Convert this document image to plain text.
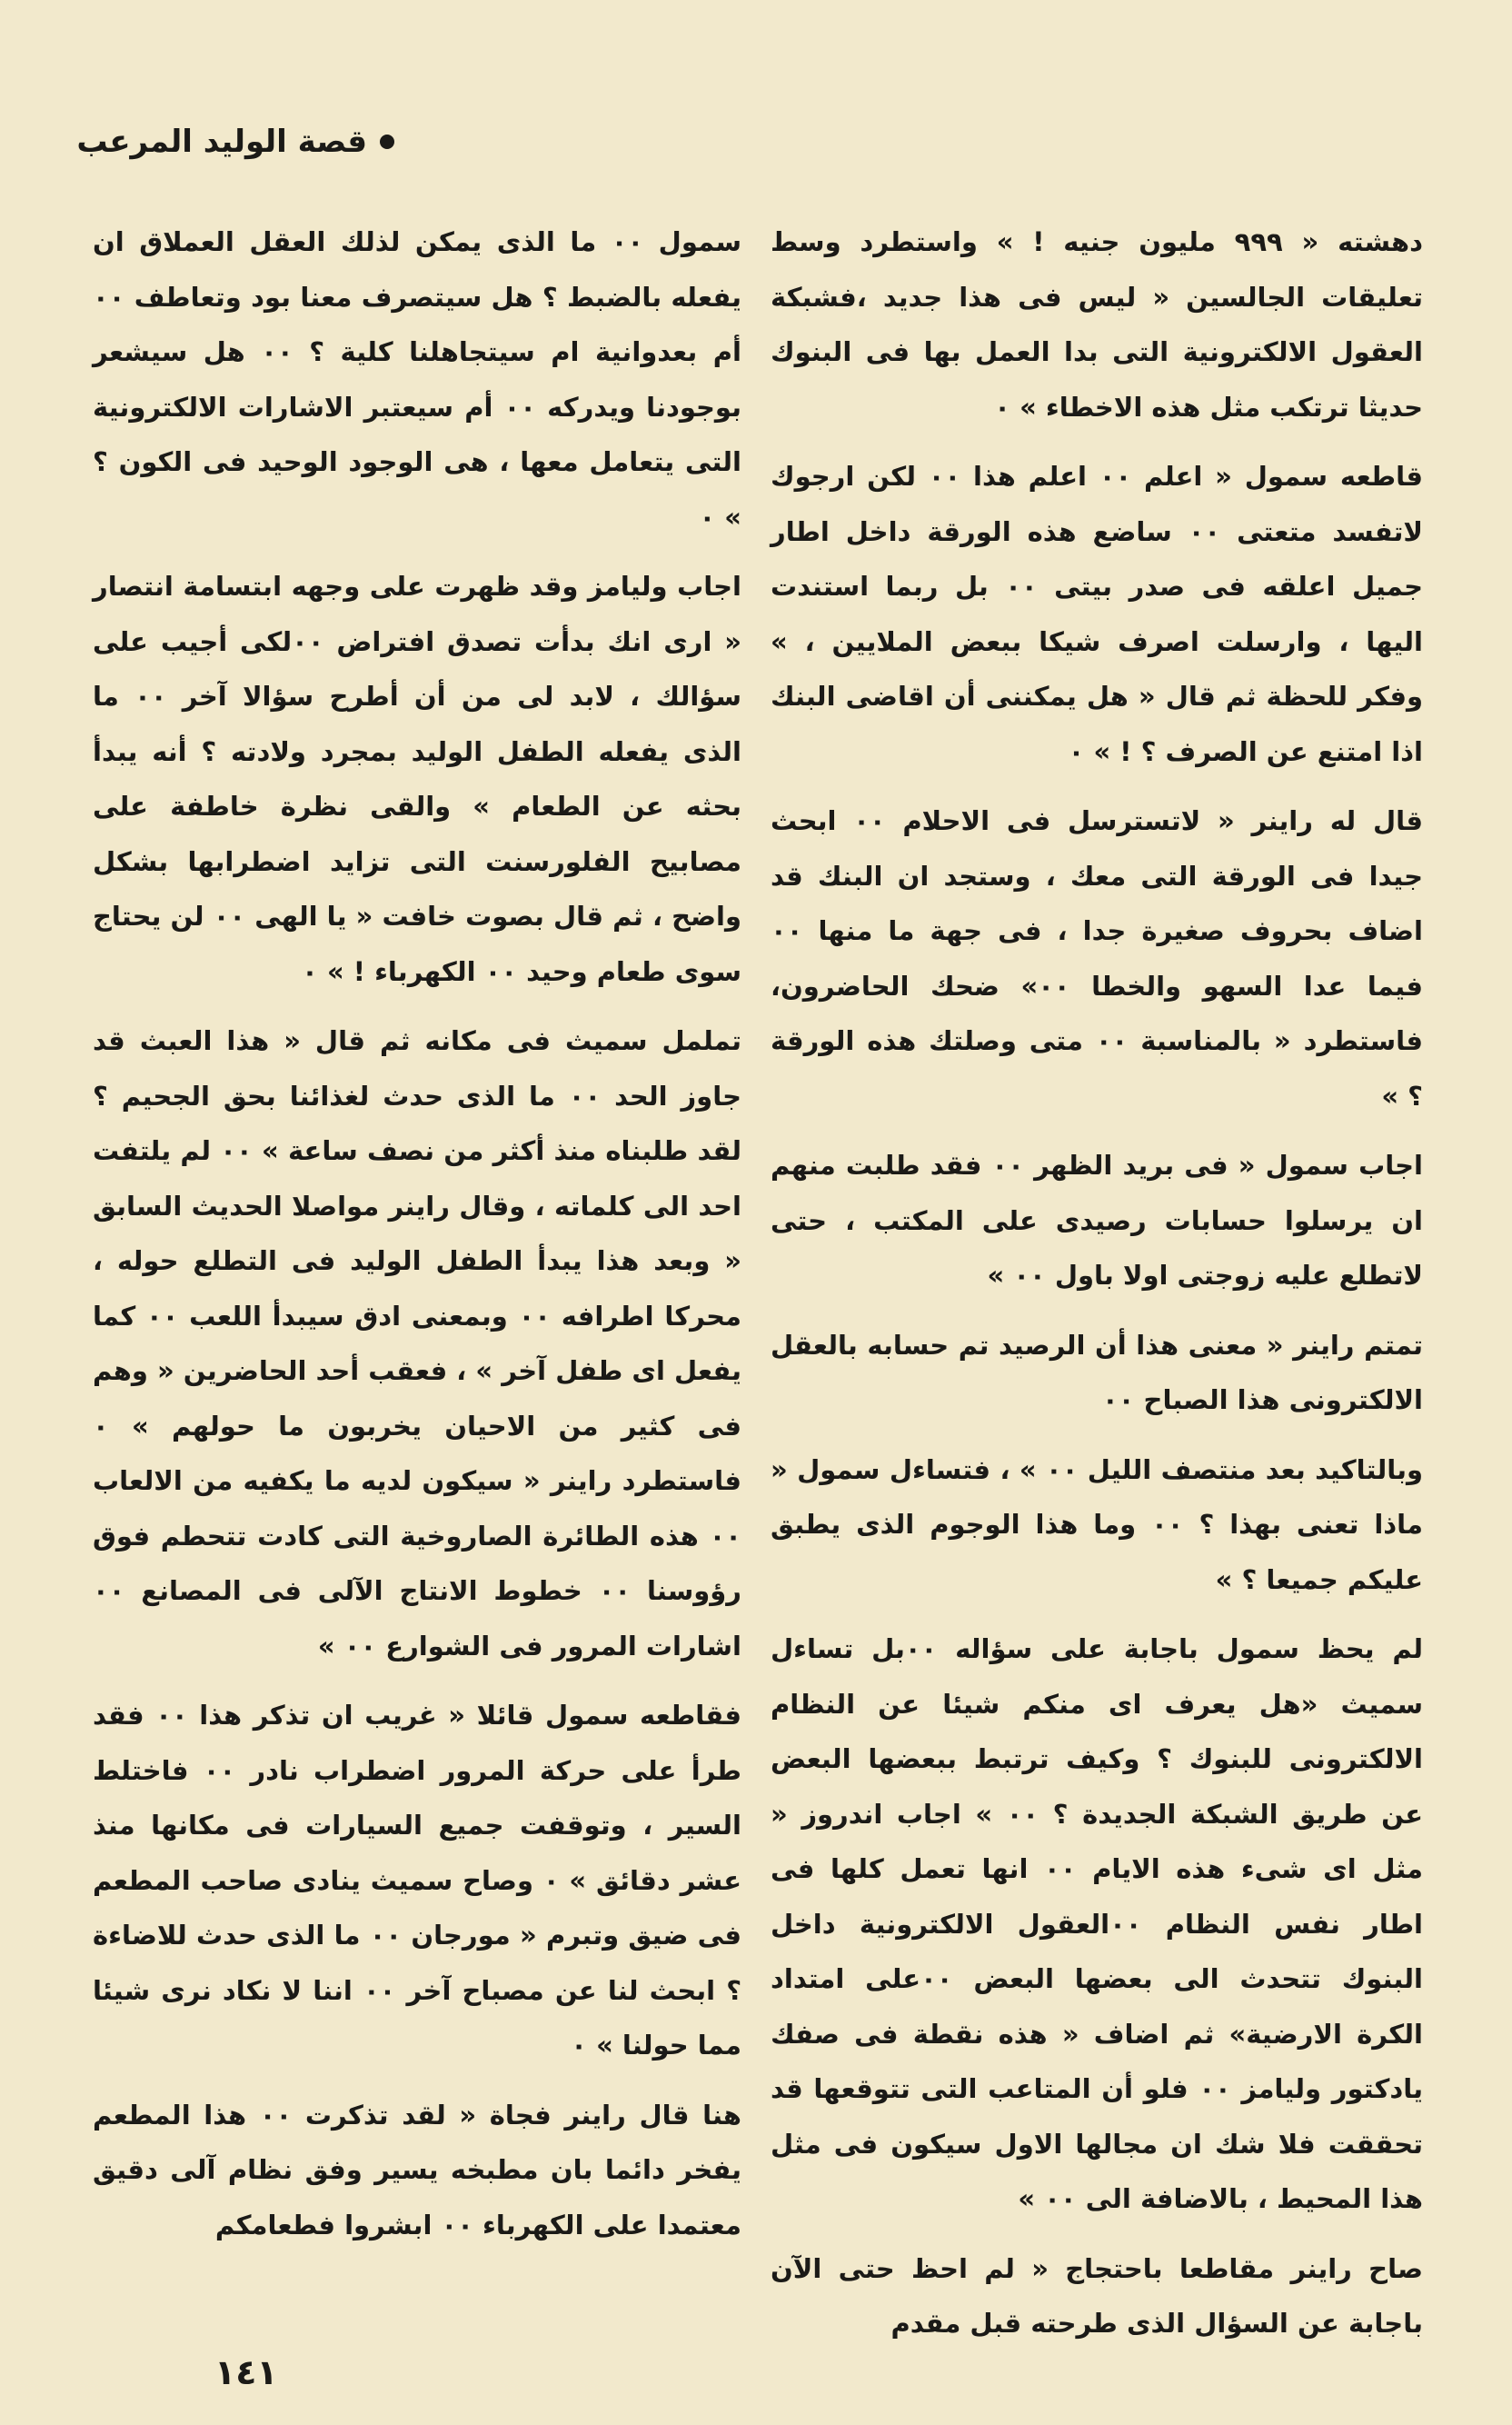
قصة الوليد المرعب

دهشته « ٩٩٩ مليون جنيه ! » واستطرد وسط تعليقات الجالسين « ليس فى هذا جديد ،فشبكة العقول الالكترونية التى بدا العمل بها فى البنوك حديثا ترتكب مثل هذه الاخطاء » ٠

قاطعه سمول « اعلم ٠٠ اعلم هذا ٠٠ لكن ارجوك لاتفسد متعتى ٠٠ ساضع هذه الورقة داخل اطار جميل اعلقه فى صدر بيتى ٠٠ بل ربما استندت اليها ، وارسلت اصرف شيكا ببعض الملايين ، » وفكر للحظة ثم قال « هل يمكننى أن اقاضى البنك اذا امتنع عن الصرف ؟ ! » ٠

قال له راينر « لاتسترسل فى الاحلام ٠٠ ابحث جيدا فى الورقة التى معك ، وستجد ان البنك قد اضاف بحروف صغيرة جدا ، فى جهة ما منها ٠٠ فيما عدا السهو والخطا ٠٠» ضحك الحاضرون، فاستطرد « بالمناسبة ٠٠ متى وصلتك هذه الورقة ؟ »

اجاب سمول « فى بريد الظهر ٠٠ فقد طلبت منهم ان يرسلوا حسابات رصيدى على المكتب ، حتى لاتطلع عليه زوجتى اولا باول ٠٠ »

تمتم راينر « معنى هذا أن الرصيد تم حسابه بالعقل الالكترونى هذا الصباح ٠٠

وبالتاكيد بعد منتصف الليل ٠٠ » ، فتساءل سمول « ماذا تعنى بهذا ؟ ٠٠ وما هذا الوجوم الذى يطبق عليكم جميعا ؟ »

لم يحظ سمول باجابة على سؤاله ٠٠بل تساءل سميث «هل يعرف اى منكم شيئا عن النظام الالكترونى للبنوك ؟ وكيف ترتبط ببعضها البعض عن طريق الشبكة الجديدة ؟ ٠٠ » اجاب اندروز « مثل اى شىء هذه الايام ٠٠ انها تعمل كلها فى اطار نفس النظام ٠٠العقول الالكترونية داخل البنوك تتحدث الى بعضها البعض ٠٠على امتداد الكرة الارضية» ثم اضاف « هذه نقطة فى صفك يادكتور وليامز ٠٠ فلو أن المتاعب التى تتوقعها قد تحققت فلا شك ان مجالها الاول سيكون فى مثل هذا المحيط ، بالاضافة الى ٠٠ »

صاح راينر مقاطعا باحتجاج « لم احظ حتى الآن باجابة عن السؤال الذى طرحته قبل مقدم

سمول ٠٠ ما الذى يمكن لذلك العقل العملاق ان يفعله بالضبط ؟ هل سيتصرف معنا بود وتعاطف ٠٠ أم بعدوانية ام سيتجاهلنا كلية ؟ ٠٠ هل سيشعر بوجودنا ويدركه ٠٠ أم سيعتبر الاشارات الالكترونية التى يتعامل معها ، هى الوجود الوحيد فى الكون ؟ » ٠

اجاب وليامز وقد ظهرت على وجهه ابتسامة انتصار « ارى انك بدأت تصدق افتراض ٠٠لكى أجيب على سؤالك ، لابد لى من أن أطرح سؤالا آخر ٠٠ ما الذى يفعله الطفل الوليد بمجرد ولادته ؟ أنه يبدأ بحثه عن الطعام » والقى نظرة خاطفة على مصابيح الفلورسنت التى تزايد اضطرابها بشكل واضح ، ثم قال بصوت خافت « يا الهى ٠٠ لن يحتاج سوى طعام وحيد ٠٠ الكهرباء ! » ٠

تململ سميث فى مكانه ثم قال « هذا العبث قد جاوز الحد ٠٠ ما الذى حدث لغذائنا بحق الجحيم ؟ لقد طلبناه منذ أكثر من نصف ساعة » ٠٠ لم يلتفت احد الى كلماته ، وقال راينر مواصلا الحديث السابق « وبعد هذا يبدأ الطفل الوليد فى التطلع حوله ، محركا اطرافه ٠٠ وبمعنى ادق سيبدأ اللعب ٠٠ كما يفعل اى طفل آخر » ، فعقب أحد الحاضرين « وهم فى كثير من الاحيان يخربون ما حولهم » ٠ فاستطرد راينر « سيكون لديه ما يكفيه من الالعاب ٠٠ هذه الطائرة الصاروخية التى كادت تتحطم فوق رؤوسنا ٠٠ خطوط الانتاج الآلى فى المصانع ٠٠ اشارات المرور فى الشوارع ٠٠ »

فقاطعه سمول قائلا « غريب ان تذكر هذا ٠٠ فقد طرأ على حركة المرور اضطراب نادر ٠٠ فاختلط السير ، وتوقفت جميع السيارات فى مكانها منذ عشر دقائق » ٠ وصاح سميث ينادى صاحب المطعم فى ضيق وتبرم « مورجان ٠٠ ما الذى حدث للاضاءة ؟ ابحث لنا عن مصباح آخر ٠٠ اننا لا نكاد نرى شيئا مما حولنا » ٠

هنا قال راينر فجاة « لقد تذكرت ٠٠ هذا المطعم يفخر دائما بان مطبخه يسير وفق نظام آلى دقيق معتمدا على الكهرباء ٠٠ ابشروا فطعامكم

١٤١
